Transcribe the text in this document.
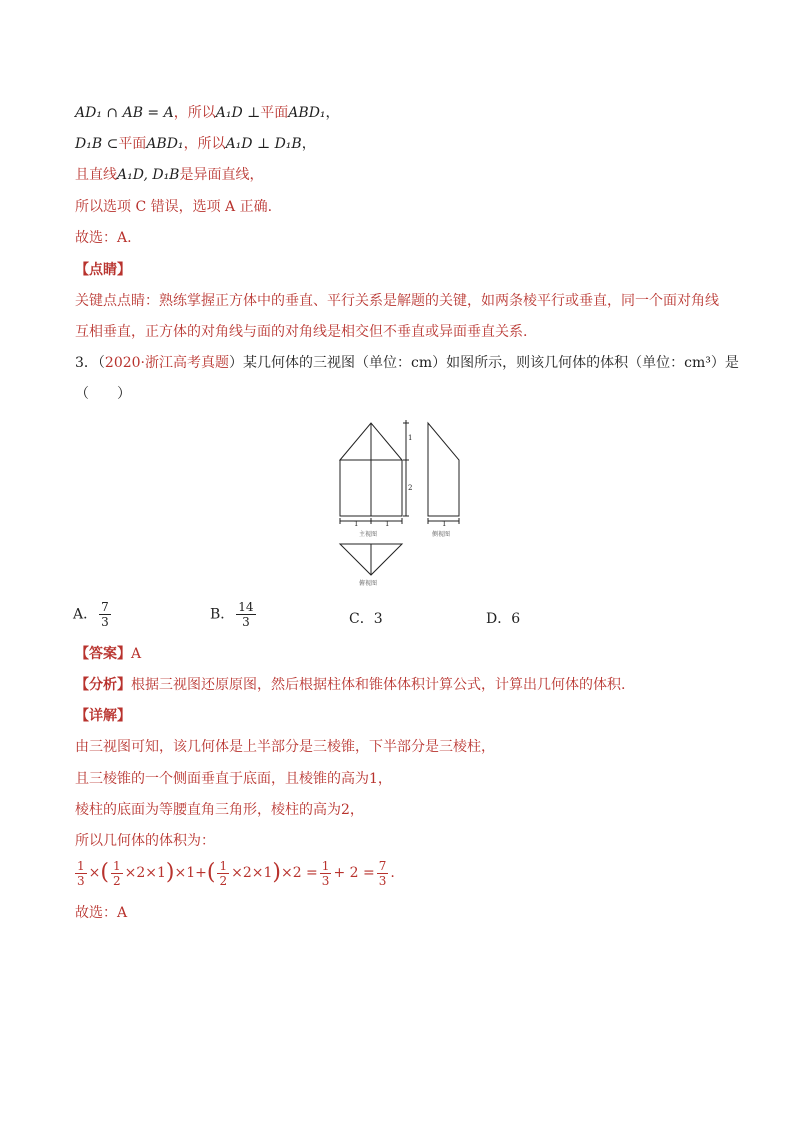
AD₁ ∩ AB = A，所以A₁D ⊥平面ABD₁，
D₁B ⊂平面ABD₁，所以A₁D ⊥ D₁B，
且直线A₁D, D₁B是异面直线，
所以选项 C 错误，选项 A 正确.
故选：A.
【点睛】
关键点点睛：熟练掌握正方体中的垂直、平行关系是解题的关键，如两条棱平行或垂直，同一个面对角线
互相垂直，正方体的对角线与面的对角线是相交但不垂直或异面垂直关系.
3．（2020·浙江高考真题）某几何体的三视图（单位：cm）如图所示，则该几何体的体积（单位：cm³）是
（　　）
1
2
1	1
主视图
1
侧视图
俯视图
A． $\frac{7}{3}$	B． $\frac{14}{3}$	C．3	D．6
【答案】A
【分析】根据三视图还原原图，然后根据柱体和锥体体积计算公式，计算出几何体的体积.
【详解】
由三视图可知，该几何体是上半部分是三棱锥，下半部分是三棱柱，
且三棱锥的一个侧面垂直于底面，且棱锥的高为1，
棱柱的底面为等腰直角三角形，棱柱的高为2，
所以几何体的体积为：
$\frac{1}{3}$ ×( $\frac{1}{2} \times 2\times 1)\times 1+( \frac{1}{2} \times 2\times 1)\times 2 = \frac{1}{3} + 2 = \frac{7}{3}$ .
故选：A
